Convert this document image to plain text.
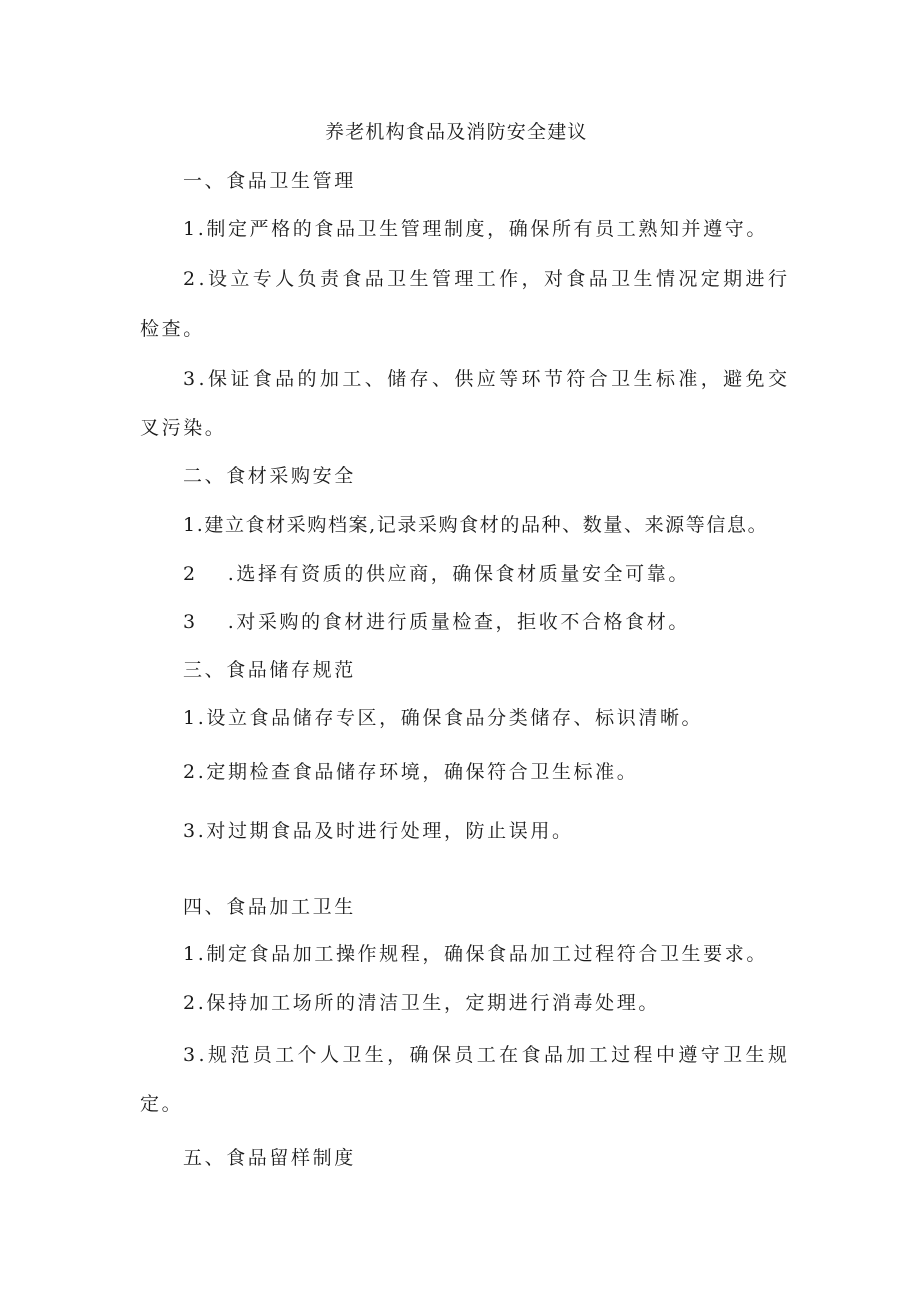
养老机构食品及消防安全建议
一、食品卫生管理
1.制定严格的食品卫生管理制度，确保所有员工熟知并遵守。
2.设立专人负责食品卫生管理工作，对食品卫生情况定期进行
检查。
3.保证食品的加工、储存、供应等环节符合卫生标准，避免交
叉污染。
二、食材采购安全
1.建立食材采购档案,记录采购食材的品种、数量、来源等信息。
2 .选择有资质的供应商，确保食材质量安全可靠。
3 .对采购的食材进行质量检查，拒收不合格食材。
三、食品储存规范
1.设立食品储存专区，确保食品分类储存、标识清晰。
2.定期检查食品储存环境，确保符合卫生标准。
3.对过期食品及时进行处理，防止误用。
四、食品加工卫生
1.制定食品加工操作规程，确保食品加工过程符合卫生要求。
2.保持加工场所的清洁卫生，定期进行消毒处理。
3.规范员工个人卫生，确保员工在食品加工过程中遵守卫生规
定。
五、食品留样制度
